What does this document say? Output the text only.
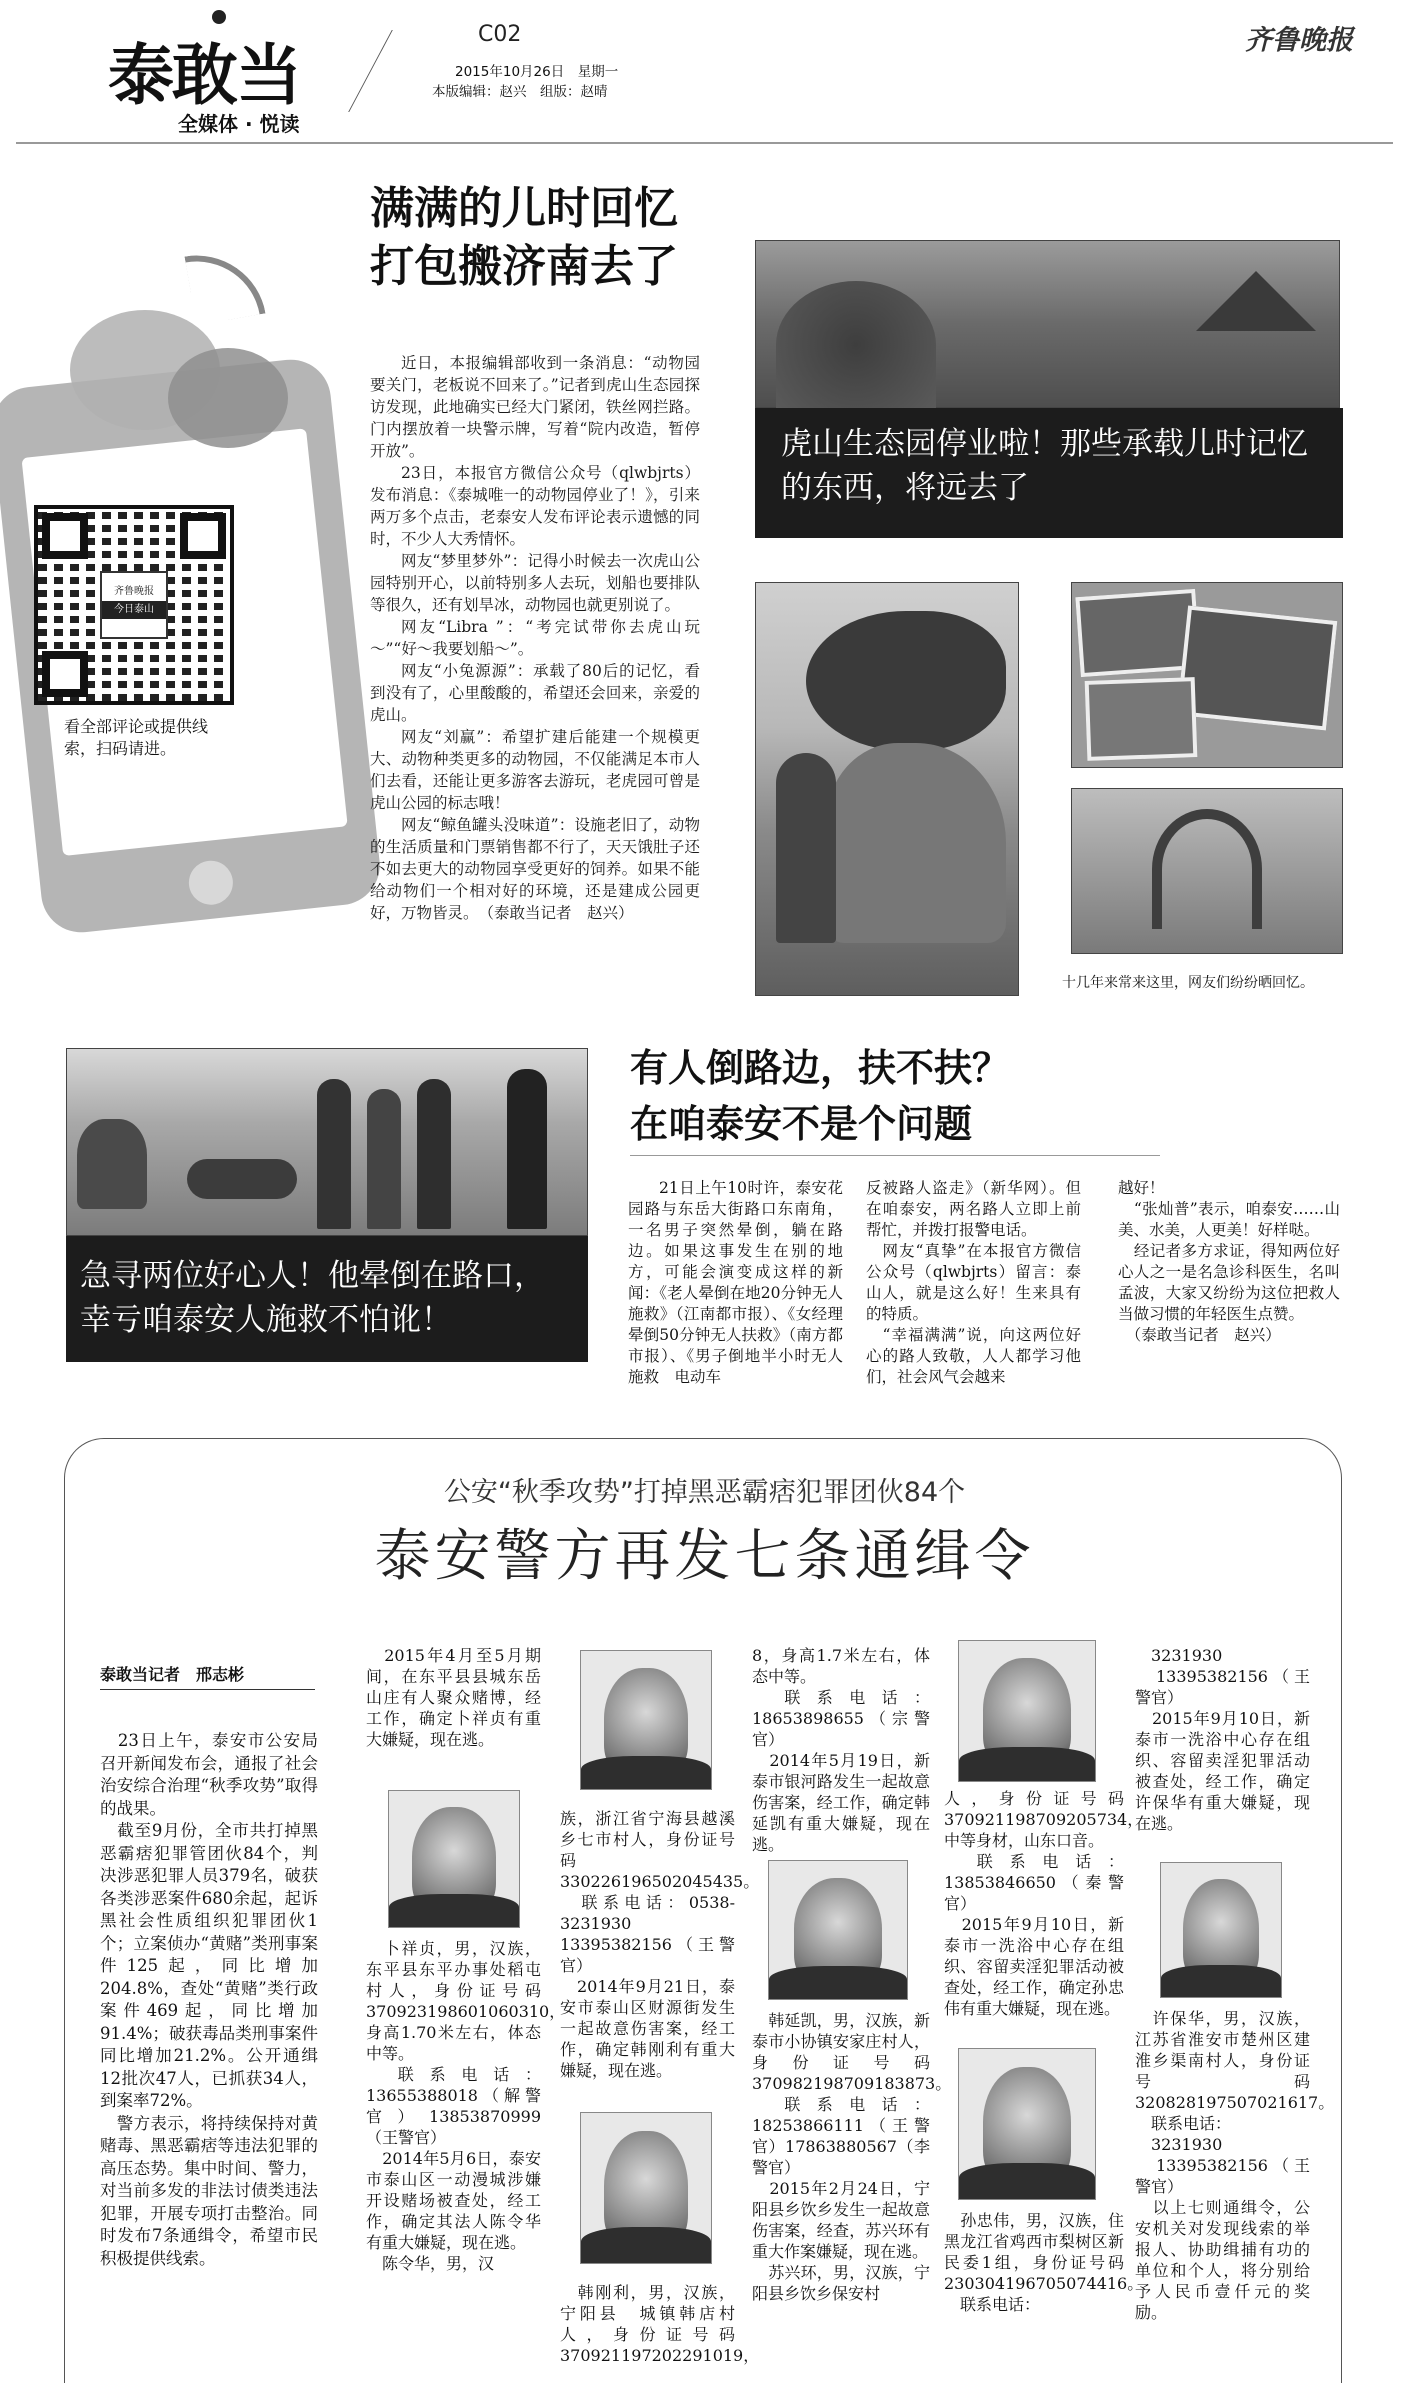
泰敢当
全媒体 · 悦读
C02
2015年10月26日　星期一
本版编辑：赵兴　组版：赵晴
齐鲁晚报
齐鲁晚报
今日泰山
看全部评论或提供线索，扫码请进。
满满的儿时回忆
打包搬济南去了
虎山生态园停业啦！那些承载儿时记忆的东西，将远去了

近日，本报编辑部收到一条消息：“动物园要关门，老板说不回来了。”记者到虎山生态园探访发现，此地确实已经大门紧闭，铁丝网拦路。门内摆放着一块警示牌，写着“院内改造，暂停开放”。

23日，本报官方微信公众号（qlwbjrts）发布消息：《泰城唯一的动物园停业了！》，引来两万多个点击，老泰安人发布评论表示遗憾的同时，不少人大秀情怀。

网友“梦里梦外”：记得小时候去一次虎山公园特别开心，以前特别多人去玩，划船也要排队等很久，还有划旱冰，动物园也就更别说了。

网友“Libra ”：“考完试带你去虎山玩～”“好～我要划船～”。

网友“小兔源源”：承载了80后的记忆，看到没有了，心里酸酸的，希望还会回来，亲爱的虎山。

网友“刘赢”：希望扩建后能建一个规模更大、动物种类更多的动物园，不仅能满足本市人们去看，还能让更多游客去游玩，老虎园可曾是虎山公园的标志哦！

网友“鲸鱼罐头没味道”：设施老旧了，动物的生活质量和门票销售都不行了，天天饿肚子还不如去更大的动物园享受更好的饲养。如果不能给动物们一个相对好的环境，还是建成公园更好，万物皆灵。　（泰敢当记者　赵兴）

十几年来常来这里，网友们纷纷晒回忆。
急寻两位好心人！他晕倒在路口，幸亏咱泰安人施救不怕讹！
有人倒路边，扶不扶？
在咱泰安不是个问题
21日上午10时许，泰安花园路与东岳大街路口东南角，一名男子突然晕倒，躺在路边。如果这事发生在别的地方，可能会演变成这样的新闻：《老人晕倒在地20分钟无人施救》（江南都市报）、《女经理晕倒50分钟无人扶救》（南方都市报）、《男子倒地半小时无人施救　电动车
反被路人盗走》（新华网）。但在咱泰安，两名路人立即上前帮忙，并拨打报警电话。
　网友“真挚”在本报官方微信公众号（qlwbjrts）留言：泰山人，就是这么好！生来具有的特质。
　“幸福满满”说，向这两位好心的路人致敬，人人都学习他们，社会风气会越来
越好！
　“张灿普”表示，咱泰安……山美、水美，人更美！好样哒。
　经记者多方求证，得知两位好心人之一是名急诊科医生，名叫孟波，大家又纷纷为这位把救人当做习惯的年轻医生点赞。
　（泰敢当记者　赵兴）
公安“秋季攻势”打掉黑恶霸痞犯罪团伙84个
泰安警方再发七条通缉令
泰敢当记者　邢志彬
　23日上午，泰安市公安局召开新闻发布会，通报了社会治安综合治理“秋季攻势”取得的战果。
　截至9月份，全市共打掉黑恶霸痞犯罪管团伙84个，判决涉恶犯罪人员379名，破获各类涉恶案件680余起，起诉黑社会性质组织犯罪团伙1个；立案侦办“黄赌”类刑事案件125起，同比增加204.8%，查处“黄赌”类行政案件469起，同比增加91.4%；破获毒品类刑事案件同比增加21.2%。公开通缉12批次47人，已抓获34人，到案率72%。
　警方表示，将持续保持对黄赌毒、黑恶霸痞等违法犯罪的高压态势。集中时间、警力，对当前多发的非法讨债类违法犯罪，开展专项打击整治。同时发布7条通缉令，希望市民积极提供线索。
　2015年4月至5月期间，在东平县县城东岳山庄有人聚众赌博，经工作，确定卜祥贞有重大嫌疑，现在逃。
　卜祥贞，男，汉族，东平县东平办事处稻屯村人，身份证号码370923198601060310，身高1.70米左右，体态中等。
　联系电话：13655388018（解警官）13853870999（王警官）
　2014年5月6日，泰安市泰山区一动漫城涉嫌开设赌场被查处，经工作，确定其法人陈令华有重大嫌疑，现在逃。
　陈令华，男，汉
族，浙江省宁海县越溪乡七市村人，身份证号码330226196502045435。
　联系电话：0538-3231930　13395382156（王警官）
　2014年9月21日，泰安市泰山区财源街发生一起故意伤害案，经工作，确定韩刚利有重大嫌疑，现在逃。
　韩刚利，男，汉族，宁阳县　城镇韩店村人，身份证号码370921197202291019，
8，身高1.7米左右，体态中等。
　联系电话：18653898655（宗警官）
　2014年5月19日，新泰市银河路发生一起故意伤害案，经工作，确定韩延凯有重大嫌疑，现在逃。
　韩延凯，男，汉族，新泰市小协镇安家庄村人，身份证号码370982198709183873。
　联系电话：18253866111（王警官）17863880567（李警官）
　2015年2月24日，宁阳县乡饮乡发生一起故意伤害案，经查，苏兴环有重大作案嫌疑，现在逃。
　苏兴环，男，汉族，宁阳县乡饮乡保安村
人，身份证号码370921198709205734，中等身材，山东口音。
　联系电话：13853846650（秦警官）
　2015年9月10日，新泰市一洗浴中心存在组织、容留卖淫犯罪活动被查处，经工作，确定孙忠伟有重大嫌疑，现在逃。
　孙忠伟，男，汉族，住黑龙江省鸡西市梨树区新民委1组，身份证号码230304196705074416。
　联系电话：
　3231930
　13395382156（王警官）
　2015年9月10日，新泰市一洗浴中心存在组织、容留卖淫犯罪活动被查处，经工作，确定许保华有重大嫌疑，现在逃。
　许保华，男，汉族，江苏省淮安市楚州区建淮乡渠南村人，身份证号码320828197507021617。
　联系电话：
　3231930
　13395382156（王警官）
　以上七则通缉令，公安机关对发现线索的举报人、协助缉捕有功的单位和个人，将分别给予人民币壹仟元的奖励。
